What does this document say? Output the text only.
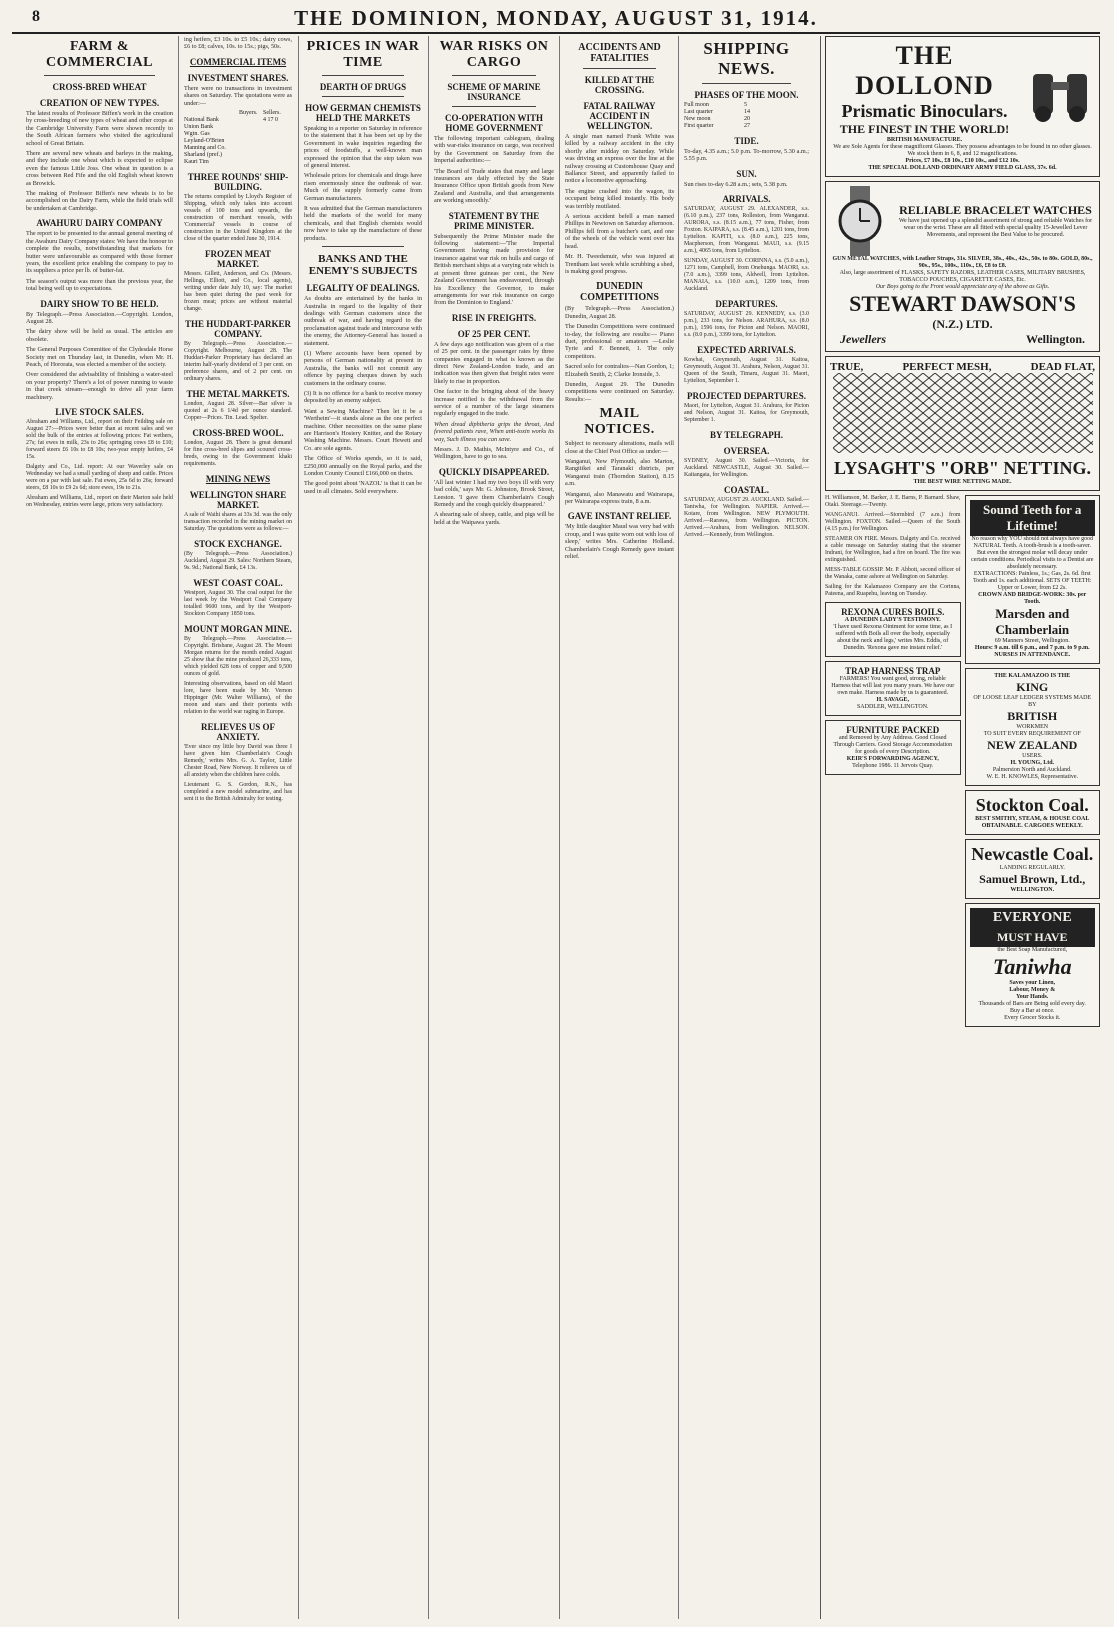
8	THE DOMINION, MONDAY, AUGUST 31, 1914.
FARM & COMMERCIAL
CROSS-BRED WHEAT
CREATION OF NEW TYPES.

The latest results of Professor Biffen's work in the creation by cross-breeding of new types of wheat and other crops at the Cambridge University Farm were shown recently to the South African farmers who visited the agricultural school of Great Britain.

There are several new wheats and barleys in the making, and they include one wheat which is expected to eclipse even the famous Little Joss. One wheat in question is a cross between Red Fife and the old English wheat known as Browick.

The making of Professor Biffen's new wheats is to be accomplished on the Dairy Farm, while the field trials will be undertaken at Cambridge.

AWAHURU DAIRY COMPANY

The report to be presented to the annual general meeting of the Awahuru Dairy Company states: We have the honour to complete the results, notwithstanding that markets for butter were unfavourable as compared with those former years, the excellent price enabling the company to pay to its suppliers a price per lb. of butter-fat.

The season's output was more than the previous year, the total being well up to expectations.

DAIRY SHOW TO BE HELD.

By Telegraph.—Press Association.—Copyright. London, August 28.

The dairy show will be held as usual. The articles are obsolete.

The General Purposes Committee of the Clydesdale Horse Society met on Thursday last, in Dunedin, when Mr. H. Peach, of Hororata, was elected a member of the society.

Over considered the advisability of finishing a water-steel on your property? There's a lot of power running to waste in that creek stream—enough to drive all your farm machinery.

LIVE STOCK SALES.

Abraham and Williams, Ltd., report on their Feilding sale on August 27:—Prices were better than at recent sales and we sold the bulk of the entries at following prices: Fat wethers, 27s; fat ewes in milk, 23s to 26s; springing cows £8 to £10; forward steers £6 10s to £8 10s; two-year empty heifers, £4 15s.

Dalgety and Co., Ltd. report: At our Waverley sale on Wednesday we had a small yarding of sheep and cattle. Prices were on a par with last sale. Fat ewes, 25s 6d to 26s; forward steers, £8 10s to £9 2s 6d; store ewes, 19s to 21s.

Abraham and Williams, Ltd., report on their Marton sale held on Wednesday, entries were large, prices very satisfactory.

ing heifers, £3 10s. to £5 10s.; dairy cows, £6 to £8; calves, 10s. to 15s.; pigs, 50s.

COMMERCIAL ITEMS
INVESTMENT SHARES.

There were no transactions in investment shares on Saturday. The quotations were as under:—

Buyers. Sellers.
National Bank	4 17 0
Union Bank
Wgtn. Gas
Leyland-O'Brien
Manning and Co.
Sharland (pref.)
Kauri Tim
THREE ROUNDS' SHIP-BUILDING.

The returns compiled by Lloyd's Register of Shipping, which only takes into account vessels of 100 tons and upwards, the construction of merchant vessels, with 'Commercial' vessels in course of construction in the United Kingdom at the close of the quarter ended June 30, 1914.

FROZEN MEAT MARKET.

Messrs. Gillett, Anderson, and Co. (Messrs. Hellings, Elliott, and Co., local agents), writing under date July 10, say: The market has been quiet during the past week for frozen meat; prices are without material change.

THE HUDDART-PARKER COMPANY.

By Telegraph.—Press Association.—Copyright. Melbourne, August 28. The Huddart-Parker Proprietary has declared an interim half-yearly dividend of 3 per cent. on preference shares, and of 2 per cent. on ordinary shares.

THE METAL MARKETS.

London, August 28. Silver—Bar silver is quoted at 2s 6 1/4d per ounce standard. Copper—Prices. Tin. Lead. Spelter.

CROSS-BRED WOOL.

London, August 28. There is great demand for fine cross-bred slipes and scoured cross-breds, owing to the Government khaki requirements.

MINING NEWS
WELLINGTON SHARE MARKET.

A sale of Waihi shares at 33s 3d. was the only transaction recorded in the mining market on Saturday. The quotations were as follows:—

STOCK EXCHANGE.

(By Telegraph.—Press Association.) Auckland, August 29. Sales: Northern Steam, 9s. 9d.; National Bank, £4 13s.

WEST COAST COAL.

Westport, August 30. The coal output for the last week by the Westport Coal Company totalled 9600 tons, and by the Westport-Stockton Company 1850 tons.

MOUNT MORGAN MINE.

By Telegraph.—Press Association.—Copyright. Brisbane, August 28. The Mount Morgan returns for the month ended August 25 show that the mine produced 26,333 tons, which yielded 628 tons of copper and 9,500 ounces of gold.

Interesting observations, based on old Maori lore, have been made by Mr. Vernon Hippinger (Mr. Walter Williams), of the moon and stars and their portents with relation to the world war raging in Europe.

RELIEVES US OF ANXIETY.

'Ever since my little boy David was three I have given him Chamberlain's Cough Remedy,' writes Mrs. G. A. Taylor, Little Chester Road, New Norway. It relieves us of all anxiety when the children have colds.

Lieutenant G. S. Gordon, R.N., has completed a new model submarine, and has sent it to the British Admiralty for testing.

PRICES IN WAR TIME
DEARTH OF DRUGS
HOW GERMAN CHEMISTS HELD THE MARKETS

Speaking to a reporter on Saturday in reference to the statement that it has been set up by the Government in wake inquiries regarding the prices of foodstuffs, a well-known man expressed the opinion that the step taken was of general interest.

Wholesale prices for chemicals and drugs have risen enormously since the outbreak of war. Much of the supply formerly came from German manufacturers.

It was admitted that the German manufacturers held the markets of the world for many chemicals, and that English chemists would now have to take up the manufacture of these products.

BANKS AND THE ENEMY'S SUBJECTS
LEGALITY OF DEALINGS.

As doubts are entertained by the banks in Australia in regard to the legality of their dealings with German customers since the outbreak of war, and having regard to the proclamation against trade and intercourse with the enemy, the Attorney-General has issued a statement.

(1) Where accounts have been opened by persons of German nationality at present in Australia, the banks will not commit any offence by paying cheques drawn by such customers in the ordinary course.

(3) It is no offence for a bank to receive money deposited by an enemy subject.

Want a Sewing Machine? Then let it be a 'Wertheim'—it stands alone as the one perfect machine. Other necessities on the same plane are Harrison's Hosiery Knitter, and the Rotary Washing Machine. Messrs. Court Hewett and Co. are sole agents.

The Office of Works spends, so it is said, £250,000 annually on the Royal parks, and the London County Council £166,000 on theirs.

The good point about 'NAZOL' is that it can be used in all climates. Sold everywhere.

WAR RISKS ON CARGO
SCHEME OF MARINE INSURANCE
CO-OPERATION WITH HOME GOVERNMENT

The following important cablegram, dealing with war-risks insurance on cargo, was received by the Government on Saturday from the Imperial authorities:—

'The Board of Trade states that many and large insurances are daily effected by the State Insurance Office upon British goods from New Zealand and Australia, and that arrangements are working smoothly.'

STATEMENT BY THE PRIME MINISTER.

Subsequently the Prime Minister made the following statement:—'The Imperial Government having made provision for insurance against war risk on hulls and cargo of British merchant ships at a varying rate which is at present three guineas per cent., the New Zealand Government has endeavoured, through his Excellency the Governor, to make arrangements for war risk insurance on cargo from the Dominion to England.'

RISE IN FREIGHTS.
OF 25 PER CENT.

A few days ago notification was given of a rise of 25 per cent. in the passenger rates by three companies engaged in what is known as the direct New Zealand-London trade, and an indication was then given that freight rates were likely to rise in proportion.

One factor in the bringing about of the heavy increase notified is the withdrawal from the service of a number of the large steamers regularly engaged in the trade.

When dread diphtheria grips the throat, And fevered patients rave, When anti-toxin works its way, Such illness you can save.

Messrs. J. D. Mathis, McIntyre and Co., of Wellington, have to go to sea.

QUICKLY DISAPPEARED.

'All last winter I had my two boys ill with very bad colds,' says Mr. G. Johnston, Brook Street, Leeston. 'I gave them Chamberlain's Cough Remedy and the cough quickly disappeared.'

A shearing sale of sheep, cattle, and pigs will be held at the Waipawa yards.

ACCIDENTS AND FATALITIES
KILLED AT THE CROSSING.
FATAL RAILWAY ACCIDENT IN WELLINGTON.

A single man named Frank White was killed by a railway accident in the city shortly after midday on Saturday. While was driving an express over the line at the railway crossing at Customhouse Quay and Ballance Street, and apparently failed to notice a locomotive approaching.

The engine crashed into the wagon, its occupant being killed instantly. His body was terribly mutilated.

A serious accident befell a man named Phillips in Newtown on Saturday afternoon. Phillips fell from a butcher's cart, and one of the wheels of the vehicle went over his head.

Mr. H. Tweedsmuir, who was injured at Trentham last week while scrubbing a shed, is making good progress.

DUNEDIN COMPETITIONS

(By Telegraph.—Press Association.) Dunedin, August 28.

The Dunedin Competitions were continued to-day, the following are results:— Piano duet, professional or amateurs —Leslie Tyrie and F. Bennett, 1. The only competitors.

Sacred solo for contraltos—Nan Gordon, 1; Elizabeth Smith, 2; Clarke Ironside, 3.

Dunedin, August 29. The Dunedin competitions were continued on Saturday. Results:—

MAIL NOTICES.

Subject to necessary alterations, mails will close at the Chief Post Office as under:—

Wanganui, New Plymouth, also Marton, Rangitikei and Taranaki districts, per Wanganui train (Thorndon Station), 8.15 a.m.

Wanganui, also Manawatu and Wairarapa, per Wairarapa express train, 8 a.m.

GAVE INSTANT RELIEF.

'My little daughter Maud was very bad with croup, and I was quite worn out with loss of sleep,' writes Mrs. Catherine Holland. Chamberlain's Cough Remedy gave instant relief.

SHIPPING NEWS.
PHASES OF THE MOON.
Full moon	5
Last quarter	14
New moon	20
First quarter	27
TIDE.

To-day, 4.35 a.m.; 5.0 p.m. To-morrow, 5.30 a.m.; 5.55 p.m.

SUN.

Sun rises to-day 6.28 a.m.; sets, 5.38 p.m.

ARRIVALS.

SATURDAY, AUGUST 29. ALEXANDER, s.s. (6.10 p.m.), 237 tons, Rolleston, from Wanganui. AURORA, s.s. (8.15 a.m.), 77 tons, Fisher, from Foxton. KAIPARA, s.s. (8.45 a.m.), 1201 tons, from Lyttelton. KAPITI, s.s. (8.0 a.m.), 225 tons, Macpherson, from Wanganui. MAUI, s.s. (9.15 a.m.), 4065 tons, from Lyttelton.

SUNDAY, AUGUST 30. CORINNA, s.s. (5.0 a.m.), 1271 tons, Campbell, from Onehunga. MAORI, s.s. (7.0 a.m.), 3399 tons, Aldwell, from Lyttelton. MANAIA, s.s. (10.0 a.m.), 1209 tons, from Auckland.

DEPARTURES.

SATURDAY, AUGUST 29. KENNEDY, s.s. (3.0 p.m.), 233 tons, for Nelson. ARAHURA, s.s. (8.0 p.m.), 1596 tons, for Picton and Nelson. MAORI, s.s. (8.0 p.m.), 3399 tons, for Lyttelton.

EXPECTED ARRIVALS.

Kowhai, Greymouth, August 31. Kaitoa, Greymouth, August 31. Arahura, Nelson, August 31. Queen of the South, Timaru, August 31. Maori, Lyttelton, September 1.

PROJECTED DEPARTURES.

Maori, for Lyttelton, August 31. Arahura, for Picton and Nelson, August 31. Kaitoa, for Greymouth, September 1.

BY TELEGRAPH.
OVERSEA.

SYDNEY, August 30. Sailed.—Victoria, for Auckland. NEWCASTLE, August 30. Sailed.—Kaitangata, for Wellington.

COASTAL.

SATURDAY, AUGUST 29. AUCKLAND. Sailed.—Taniwha, for Wellington. NAPIER. Arrived.—Kotare, from Wellington. NEW PLYMOUTH. Arrived.—Rarawa, from Wellington. PICTON. Arrived.—Arahura, from Wellington. NELSON. Arrived.—Kennedy, from Wellington.

THE DOLLOND
Prismatic Binoculars.
THE FINEST IN THE WORLD!
BRITISH MANUFACTURE.
We are Sole Agents for these magnificent Glasses. They possess advantages to be found in no other glasses. We stock them in 6, 8, and 12 magnifications.
Prices, £7 10s., £8 10s., £10 10s., and £12 10s.
THE SPECIAL DOLLAND ORDINARY ARMY FIELD GLASS, 37s. 6d.
RELIABLE BRACELET WATCHES
We have just opened up a splendid assortment of strong and reliable Watches for wear on the wrist. These are all fitted with special quality 15-Jewelled Lever Movements, and represent the Best Value to be procured.
GUN METAL WATCHES, with Leather Straps, 31s. SILVER, 38s., 40s., 42s., 50s. to 80s. GOLD, 80s., 90s., 95s., 100s., 110s., £6, £8 to £8.
Also, large assortment of FLASKS, SAFETY RAZORS, LEATHER CASES, MILITARY BRUSHES, TOBACCO POUCHES, CIGARETTE CASES, Etc.
Our Boys going to the Front would appreciate any of the above as Gifts.
STEWART DAWSON'S
(N.Z.) LTD.
Jewellers	Wellington.
TRUE,	PERFECT MESH,	DEAD FLAT,
LYSAGHT'S "ORB" NETTING.
THE BEST WIRE NETTING MADE.

H. Williamson, M. Barker, J. E. Barns, P. Barnard. Shaw, Otaki. Steerage.—Twenty.

WANGANUI. Arrived.—Stormbird (7 a.m.) from Wellington. FOXTON. Sailed.—Queen of the South (4.15 p.m.) for Wellington.

STEAMER ON FIRE. Messrs. Dalgety and Co. received a cable message on Saturday stating that the steamer Indrani, for Wellington, had a fire on board. The fire was extinguished.

MESS-TABLE GOSSIP. Mr. P. Abbott, second officer of the Wanaka, came ashore at Wellington on Saturday.

Sailing for the Kalamazoo Company are the Corinna, Pateena, and Ruapehu, leaving on Tuesday.

REXONA CURES BOILS.
A DUNEDIN LADY'S TESTIMONY.
'I have used Rexona Ointment for some time, as I suffered with Boils all over the body, especially about the neck and legs,' writes Mrs. Eddis, of Dunedin. 'Rexona gave me instant relief.'
TRAP HARNESS TRAP
FARMERS! You want good, strong, reliable Harness that will last you many years. We have our own make. Harness made by us is guaranteed.
H. SAVAGE,
SADDLER, WELLINGTON.
FURNITURE PACKED
and Removed by Any Address. Good Closed Through Carriers. Good Storage Accommodation for goods of every Description.
KEIR'S FORWARDING AGENCY,
Telephone 1986. 11 Jervois Quay.
Sound Teeth for a Lifetime!
No reason why YOU should not always have good NATURAL Teeth. A tooth-brush is a tooth-saver. But even the strongest molar will decay under certain conditions. Periodical visits to a Dentist are absolutely necessary.
EXTRACTIONS: Painless, 1s.; Gas, 2s. 6d. first Tooth and 1s. each additional. SETS OF TEETH: Upper or Lower, from £2 2s.
CROWN AND BRIDGE-WORK: 30s. per Tooth.
Marsden and Chamberlain
69 Manners Street, Wellington.
Hours: 9 a.m. till 6 p.m., and 7 p.m. to 9 p.m.
NURSES IN ATTENDANCE.
THE KALAMAZOO IS THE
KING
OF LOOSE LEAF LEDGER SYSTEMS MADE BY
BRITISH
WORKMEN
TO SUIT EVERY REQUIREMENT OF
NEW ZEALAND
USERS.
H. YOUNG, Ltd.
Palmerston North and Auckland.
W. E. H. KNOWLES, Representative.
Stockton Coal.
BEST SMITHY, STEAM, & HOUSE COAL OBTAINABLE. CARGOES WEEKLY.
Newcastle Coal.
LANDING REGULARLY.
Samuel Brown, Ltd.,
WELLINGTON.
EVERYONE
MUST HAVE
the Best Soap Manufactured,
Taniwha
Saves your Linen,
Labour, Money &
Your Hands.
Thousands of Bars are Being sold every day.
Buy a Bar at once.
Every Grocer Stocks it.
